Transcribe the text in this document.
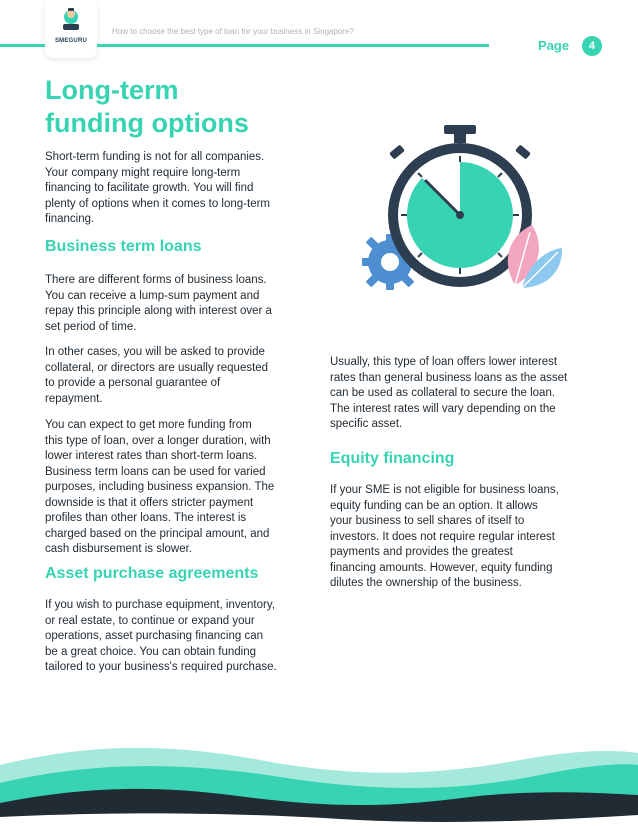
SMEGURU
How to choose the best type of loan for your business in Singapore?
Page	4
Long-term
funding options

Short-term funding is not for all companies.
Your company might require long-term
financing to facilitate growth. You will find
plenty of options when it comes to long-term
financing.

Business term loans

There are different forms of business loans.
You can receive a lump-sum payment and
repay this principle along with interest over a
set period of time.

In other cases, you will be asked to provide
collateral, or directors are usually requested
to provide a personal guarantee of
repayment.

You can expect to get more funding from
this type of loan, over a longer duration, with
lower interest rates than short-term loans.
Business term loans can be used for varied
purposes, including business expansion. The
downside is that it offers stricter payment
profiles than other loans. The interest is
charged based on the principal amount, and
cash disbursement is slower.

Asset purchase agreements

If you wish to purchase equipment, inventory,
or real estate, to continue or expand your
operations, asset purchasing financing can
be a great choice. You can obtain funding
tailored to your business's required purchase.

Usually, this type of loan offers lower interest
rates than general business loans as the asset
can be used as collateral to secure the loan.
The interest rates will vary depending on the
specific asset.

Equity financing

If your SME is not eligible for business loans,
equity funding can be an option. It allows
your business to sell shares of itself to
investors. It does not require regular interest
payments and provides the greatest
financing amounts. However, equity funding
dilutes the ownership of the business.
